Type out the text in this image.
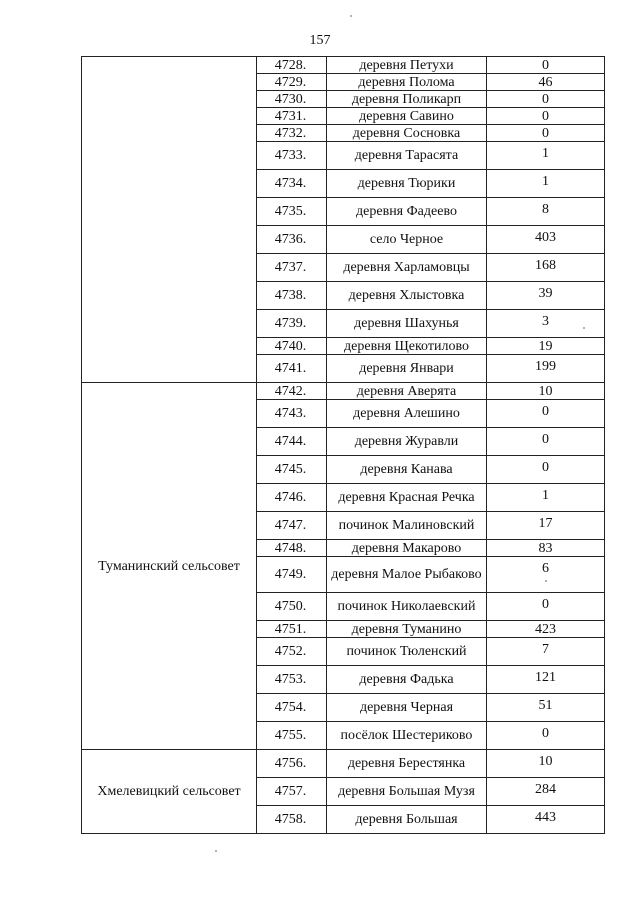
157
	4728.	деревня Петухи	0
	4729.	деревня Полома	46
	4730.	деревня Поликарп	0
	4731.	деревня Савино	0
	4732.	деревня Сосновка	0
	4733.	деревня Тарасята	1
	4734.	деревня Тюрики	1
	4735.	деревня Фадеево	8
	4736.	село Черное	403
	4737.	деревня Харламовцы	168
	4738.	деревня Хлыстовка	39
	4739.	деревня Шахунья	3
	4740.	деревня Щекотилово	19
	4741.	деревня Январи	199
Туманинский сельсовет	4742.	деревня Аверята	10
	4743.	деревня Алешино	0
	4744.	деревня Журавли	0
	4745.	деревня Канава	0
	4746.	деревня Красная Речка	1
	4747.	починок Малиновский	17
	4748.	деревня Макарово	83
	4749.	деревня Малое Рыбаково	6
	4750.	починок Николаевский	0
	4751.	деревня Туманино	423
	4752.	починок Тюленский	7
	4753.	деревня Фадька	121
	4754.	деревня Черная	51
	4755.	посёлок Шестериково	0
Хмелевицкий сельсовет	4756.	деревня Берестянка	10
	4757.	деревня Большая Музя	284
	4758.	деревня Большая	443
